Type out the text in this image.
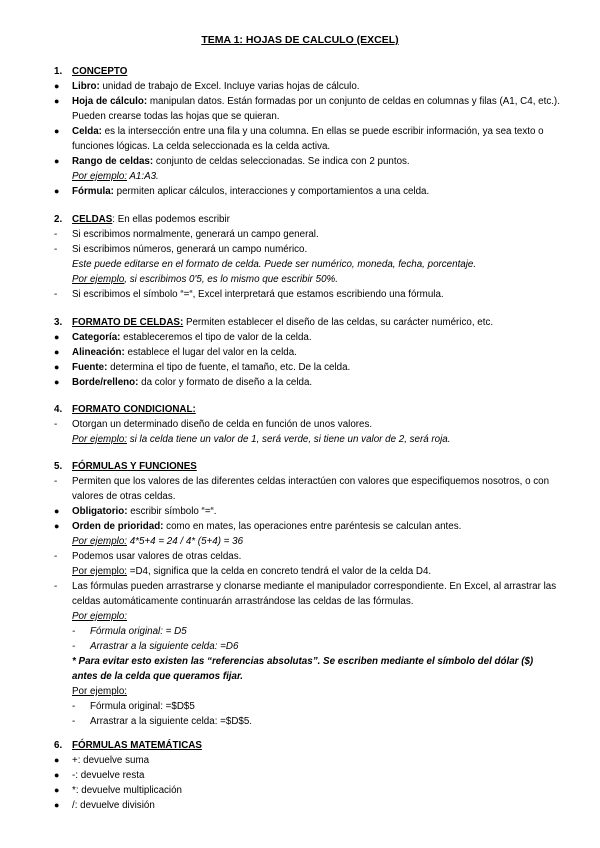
TEMA 1: HOJAS DE CALCULO (EXCEL)
1. CONCEPTO
●	Libro: unidad de trabajo de Excel. Incluye varias hojas de cálculo.
●	Hoja de cálculo: manipulan datos. Están formadas por un conjunto de celdas en columnas y filas (A1, C4, etc.). Pueden crearse todas las hojas que se quieran.
●	Celda: es la intersección entre una fila y una columna. En ellas se puede escribir información, ya sea texto o funciones lógicas. La celda seleccionada es la celda activa.
●	Rango de celdas: conjunto de celdas seleccionadas. Se indica con 2 puntos.
Por ejemplo: A1:A3.
●	Fórmula: permiten aplicar cálculos, interacciones y comportamientos a una celda.
2. CELDAS: En ellas podemos escribir
-	Si escribimos normalmente, generará un campo general.
-	Si escribimos números, generará un campo numérico.
Este puede editarse en el formato de celda. Puede ser numérico, moneda, fecha, porcentaje.
Por ejemplo, si escribimos 0'5, es lo mismo que escribir 50%.
-	Si escribimos el símbolo “=“, Excel interpretará que estamos escribiendo una fórmula.
3. FORMATO DE CELDAS: Permiten establecer el diseño de las celdas, su carácter numérico, etc.
●	Categoría: estableceremos el tipo de valor de la celda.
●	Alineación: establece el lugar del valor en la celda.
●	Fuente: determina el tipo de fuente, el tamaño, etc. De la celda.
●	Borde/relleno: da color y formato de diseño a la celda.
4. FORMATO CONDICIONAL:
-	Otorgan un determinado diseño de celda en función de unos valores.
Por ejemplo: si la celda tiene un valor de 1, será verde, si tiene un valor de 2, será roja.
5. FÓRMULAS Y FUNCIONES
-	Permiten que los valores de las diferentes celdas interactúen con valores que especifiquemos nosotros, o con valores de otras celdas.
●	Obligatorio: escribir símbolo “=“.
●	Orden de prioridad: como en mates, las operaciones entre paréntesis se calculan antes.
Por ejemplo: 4*5+4 = 24 / 4* (5+4) = 36
-	Podemos usar valores de otras celdas.
Por ejemplo: =D4, significa que la celda en concreto tendrá el valor de la celda D4.
-	Las fórmulas pueden arrastrarse y clonarse mediante el manipulador correspondiente. En Excel, al arrastrar las celdas automáticamente continuarán arrastrándose las celdas de las fórmulas.
Por ejemplo:
- Fórmula original: = D5
- Arrastrar a la siguiente celda: =D6
* Para evitar esto existen las “referencias absolutas”. Se escriben mediante el símbolo del dólar ($) antes de la celda que queramos fijar.
Por ejemplo:
- Fórmula original: =$D$5
- Arrastrar a la siguiente celda: =$D$5.
6. FÓRMULAS MATEMÁTICAS
●	+: devuelve suma
●	-: devuelve resta
●	*: devuelve multiplicación
●	/: devuelve división
